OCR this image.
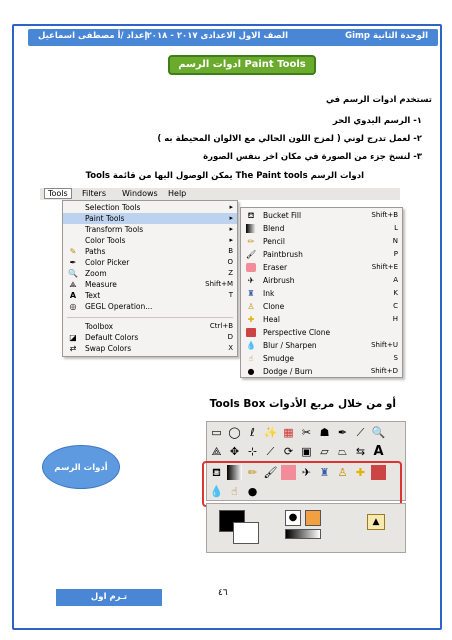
الوحدة الثانية Gimp
الصف الاول الاعدادى ٢٠١٧ - ٢٠١٨
إعداد /أ مصطفى اسماعيل
ادوات الرسم Paint Tools
تستخدم ادوات الرسم في
١- الرسم اليدوي الحر
٢- لعمل تدرج لوني ( لمزج اللون الحالي مع الالوان المحيطة به )
٣- لنسخ جزء من الصورة في مكان اخر بنفس الصورة
ادوات الرسم The Paint tools يمكن الوصول اليها من قائمة Tools
Tools	Filters Windows Help
Selection Tools	▸
Paint Tools	▸
Transform Tools	▸
Color Tools	▸
✎ Paths	B
✒ Color Picker	O
🔍 Zoom	Z
⟁ Measure	Shift+M
A Text	T
◎ GEGL Operation...
Toolbox	Ctrl+B
◪ Default Colors	D
⇄ Swap Colors	X
⛾ Bucket Fill	Shift+B
Blend	L
✏ Pencil	N
🖌 Paintbrush	P
Eraser	Shift+E
✈ Airbrush	A
♜ Ink	K
♙ Clone	C
✚ Heal	H
Perspective Clone
💧 Blur / Sharpen	Shift+U
☝	Smudge	S
● Dodge / Burn	Shift+D
أو من خلال مربع الأدوات Tools Box
▭ ◯ ℓ ✨ ▦ ✂ ☗ ✒ ⟋ 🔍
⟁ ✥ ⊹ ⟋ ⟳ ▣ ▱ ⏢ ⇆ A
⛾ ✏ 🖌 ✈ ♜ ♙ ✚
💧 ☝ ●
●	▲
أدوات الرسم
٤٦
تـرم اول
